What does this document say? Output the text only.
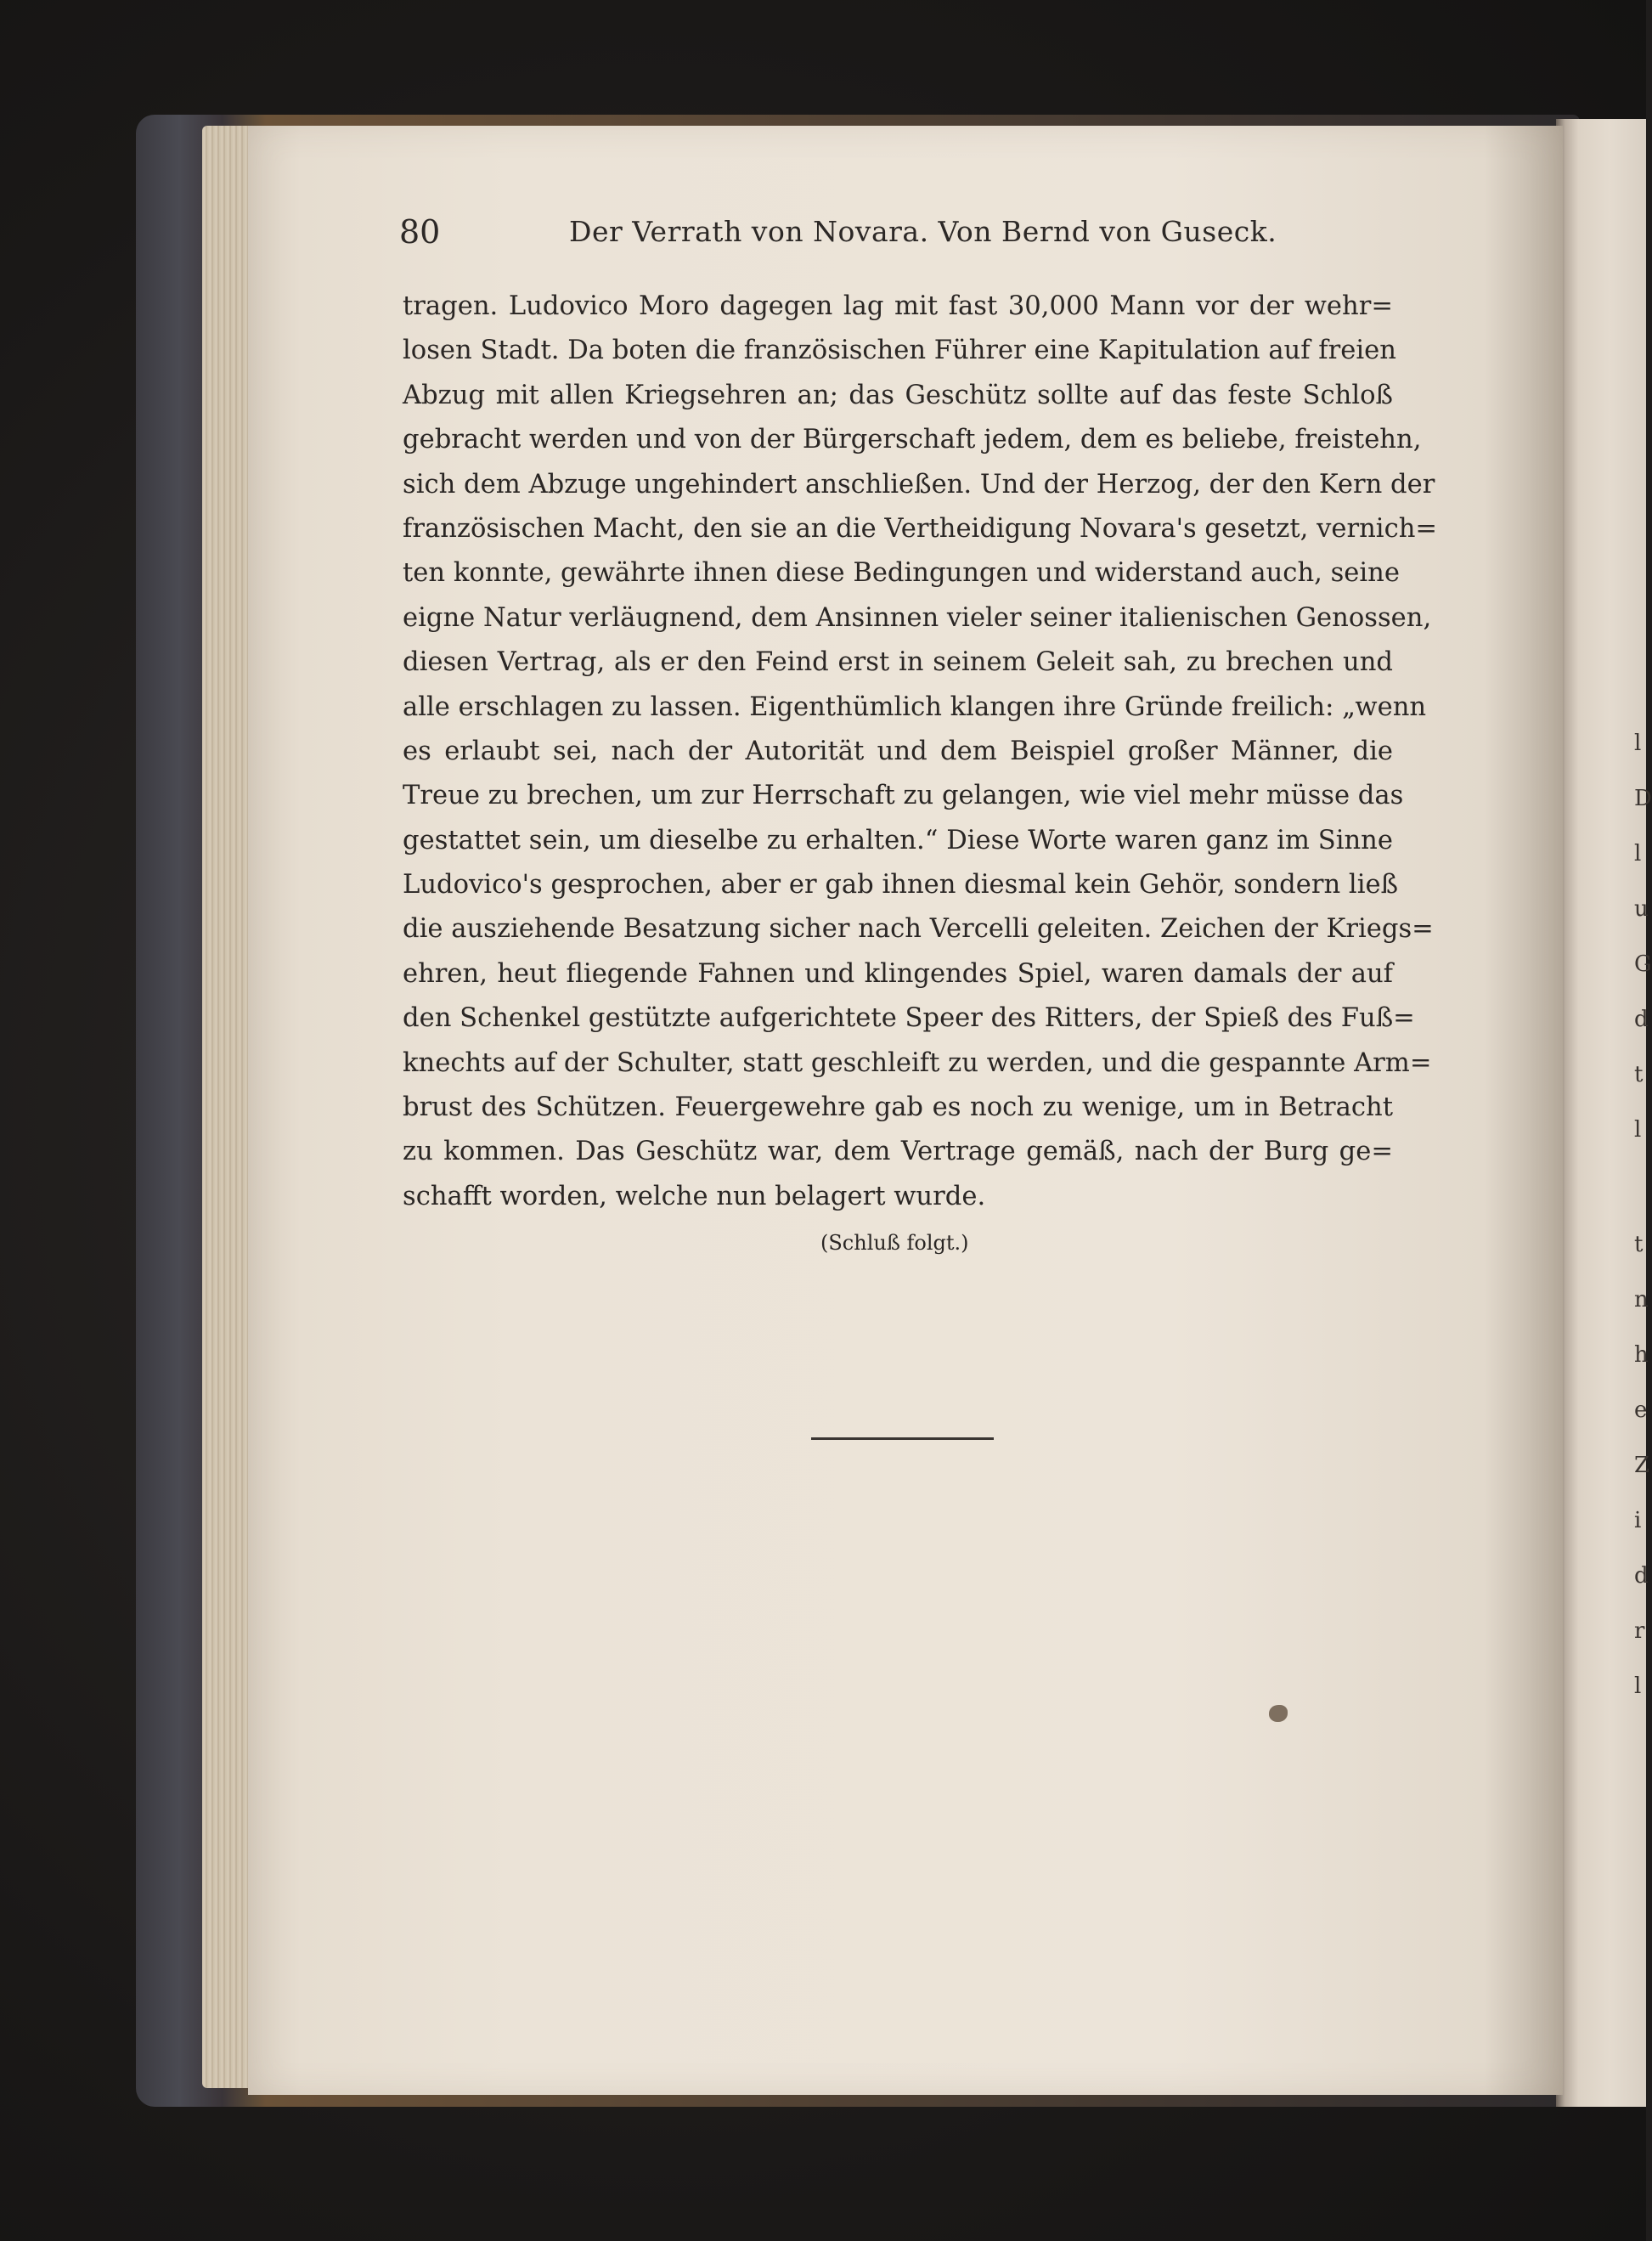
l
D
l
u
G
d
t
l
t
n
h
e
Z
i
d
r
l
80	Der Verrath von Novara. Von Bernd von Guseck.
tragen. Ludovico Moro dagegen lag mit fast 30,000 Mann vor der wehr=
losen Stadt. Da boten die französischen Führer eine Kapitulation auf freien
Abzug mit allen Kriegsehren an; das Geschütz sollte auf das feste Schloß
gebracht werden und von der Bürgerschaft jedem, dem es beliebe, freistehn,
sich dem Abzuge ungehindert anschließen. Und der Herzog, der den Kern der
französischen Macht, den sie an die Vertheidigung Novara's gesetzt, vernich=
ten konnte, gewährte ihnen diese Bedingungen und widerstand auch, seine
eigne Natur verläugnend, dem Ansinnen vieler seiner italienischen Genossen,
diesen Vertrag, als er den Feind erst in seinem Geleit sah, zu brechen und
alle erschlagen zu lassen. Eigenthümlich klangen ihre Gründe freilich: „wenn
es erlaubt sei, nach der Autorität und dem Beispiel großer Männer, die
Treue zu brechen, um zur Herrschaft zu gelangen, wie viel mehr müsse das
gestattet sein, um dieselbe zu erhalten.“ Diese Worte waren ganz im Sinne
Ludovico's gesprochen, aber er gab ihnen diesmal kein Gehör, sondern ließ
die ausziehende Besatzung sicher nach Vercelli geleiten. Zeichen der Kriegs=
ehren, heut fliegende Fahnen und klingendes Spiel, waren damals der auf
den Schenkel gestützte aufgerichtete Speer des Ritters, der Spieß des Fuß=
knechts auf der Schulter, statt geschleift zu werden, und die gespannte Arm=
brust des Schützen. Feuergewehre gab es noch zu wenige, um in Betracht
zu kommen. Das Geschütz war, dem Vertrage gemäß, nach der Burg ge=
schafft worden, welche nun belagert wurde.
(Schluß folgt.)
